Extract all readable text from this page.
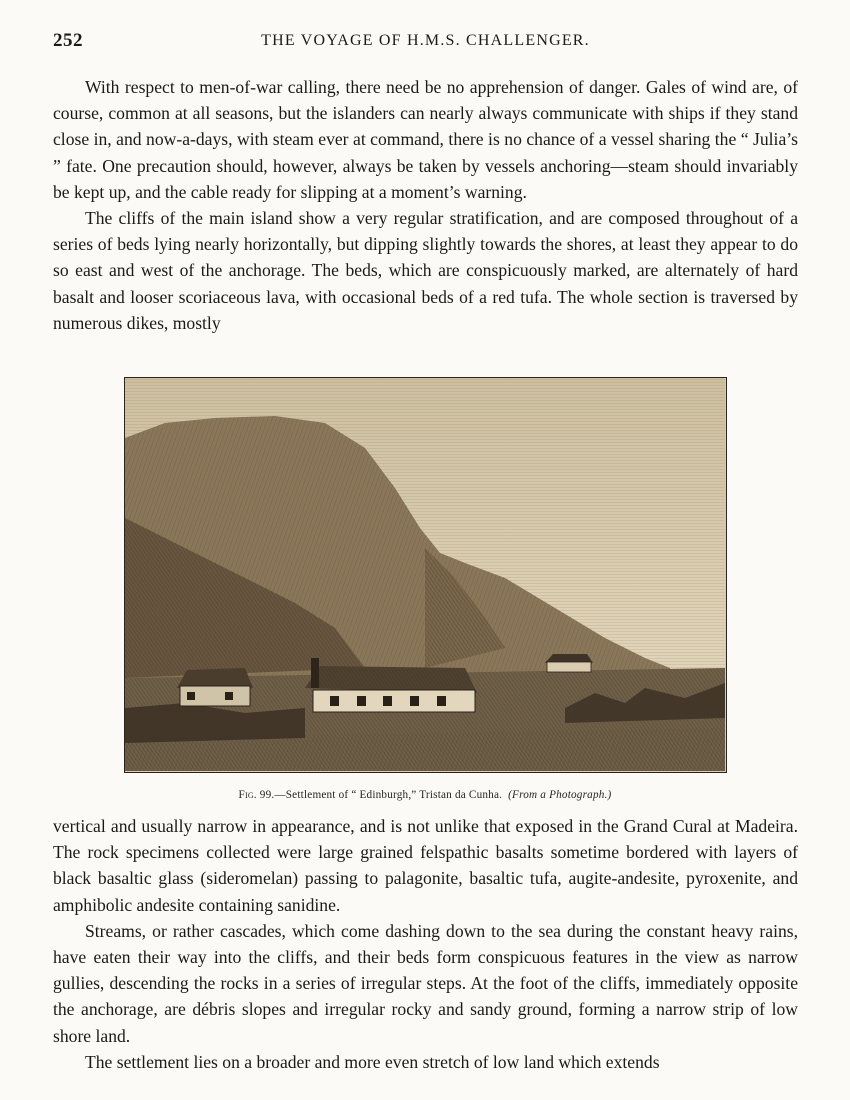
252	THE VOYAGE OF H.M.S. CHALLENGER.

With respect to men-of-war calling, there need be no apprehension of danger. Gales of wind are, of course, common at all seasons, but the islanders can nearly always communicate with ships if they stand close in, and now-a-days, with steam ever at command, there is no chance of a vessel sharing the “ Julia’s ” fate. One precaution should, however, always be taken by vessels anchoring—steam should invariably be kept up, and the cable ready for slipping at a moment’s warning.

The cliffs of the main island show a very regular stratification, and are composed throughout of a series of beds lying nearly horizontally, but dipping slightly towards the shores, at least they appear to do so east and west of the anchorage. The beds, which are conspicuously marked, are alternately of hard basalt and looser scoriaceous lava, with occasional beds of a red tufa. The whole section is traversed by numerous dikes, mostly

Fig. 99.—Settlement of “ Edinburgh,” Tristan da Cunha. (From a Photograph.)

vertical and usually narrow in appearance, and is not unlike that exposed in the Grand Cural at Madeira. The rock specimens collected were large grained felspathic basalts sometime bordered with layers of black basaltic glass (sideromelan) passing to palagonite, basaltic tufa, augite-andesite, pyroxenite, and amphibolic andesite containing sanidine.

Streams, or rather cascades, which come dashing down to the sea during the constant heavy rains, have eaten their way into the cliffs, and their beds form conspicuous features in the view as narrow gullies, descending the rocks in a series of irregular steps. At the foot of the cliffs, immediately opposite the anchorage, are débris slopes and irregular rocky and sandy ground, forming a narrow strip of low shore land.

The settlement lies on a broader and more even stretch of low land which extends
